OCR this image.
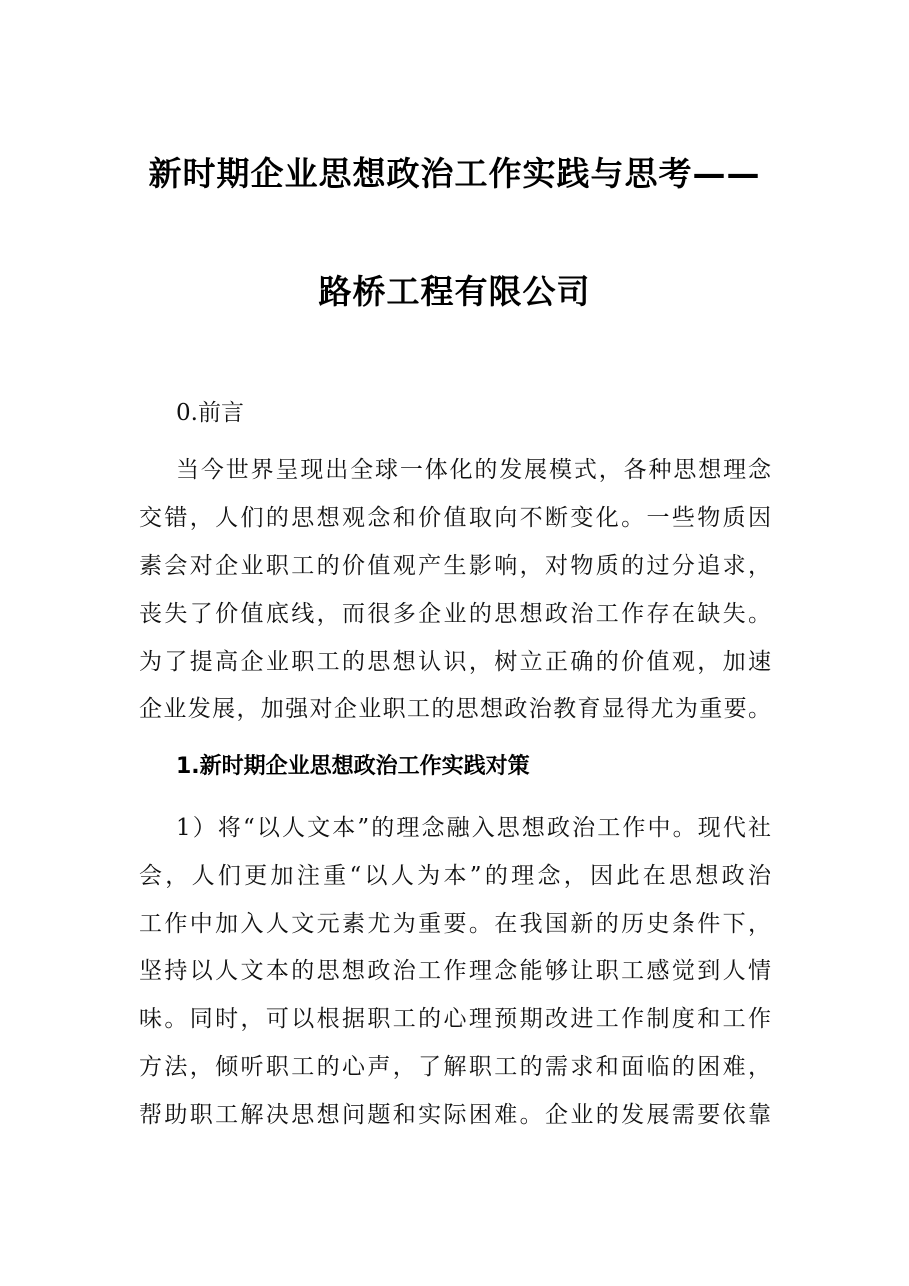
新时期企业思想政治工作实践与思考——
路桥工程有限公司
0.前言
当今世界呈现出全球一体化的发展模式，各种思想理念
交错，人们的思想观念和价值取向不断变化。一些物质因
素会对企业职工的价值观产生影响，对物质的过分追求，
丧失了价值底线，而很多企业的思想政治工作存在缺失。
为了提高企业职工的思想认识，树立正确的价值观，加速
企业发展，加强对企业职工的思想政治教育显得尤为重要。
1.新时期企业思想政治工作实践对策
1）将“以人文本”的理念融入思想政治工作中。现代社
会，人们更加注重“以人为本”的理念，因此在思想政治
工作中加入人文元素尤为重要。在我国新的历史条件下，
坚持以人文本的思想政治工作理念能够让职工感觉到人情
味。同时，可以根据职工的心理预期改进工作制度和工作
方法，倾听职工的心声，了解职工的需求和面临的困难，
帮助职工解决思想问题和实际困难。企业的发展需要依靠
